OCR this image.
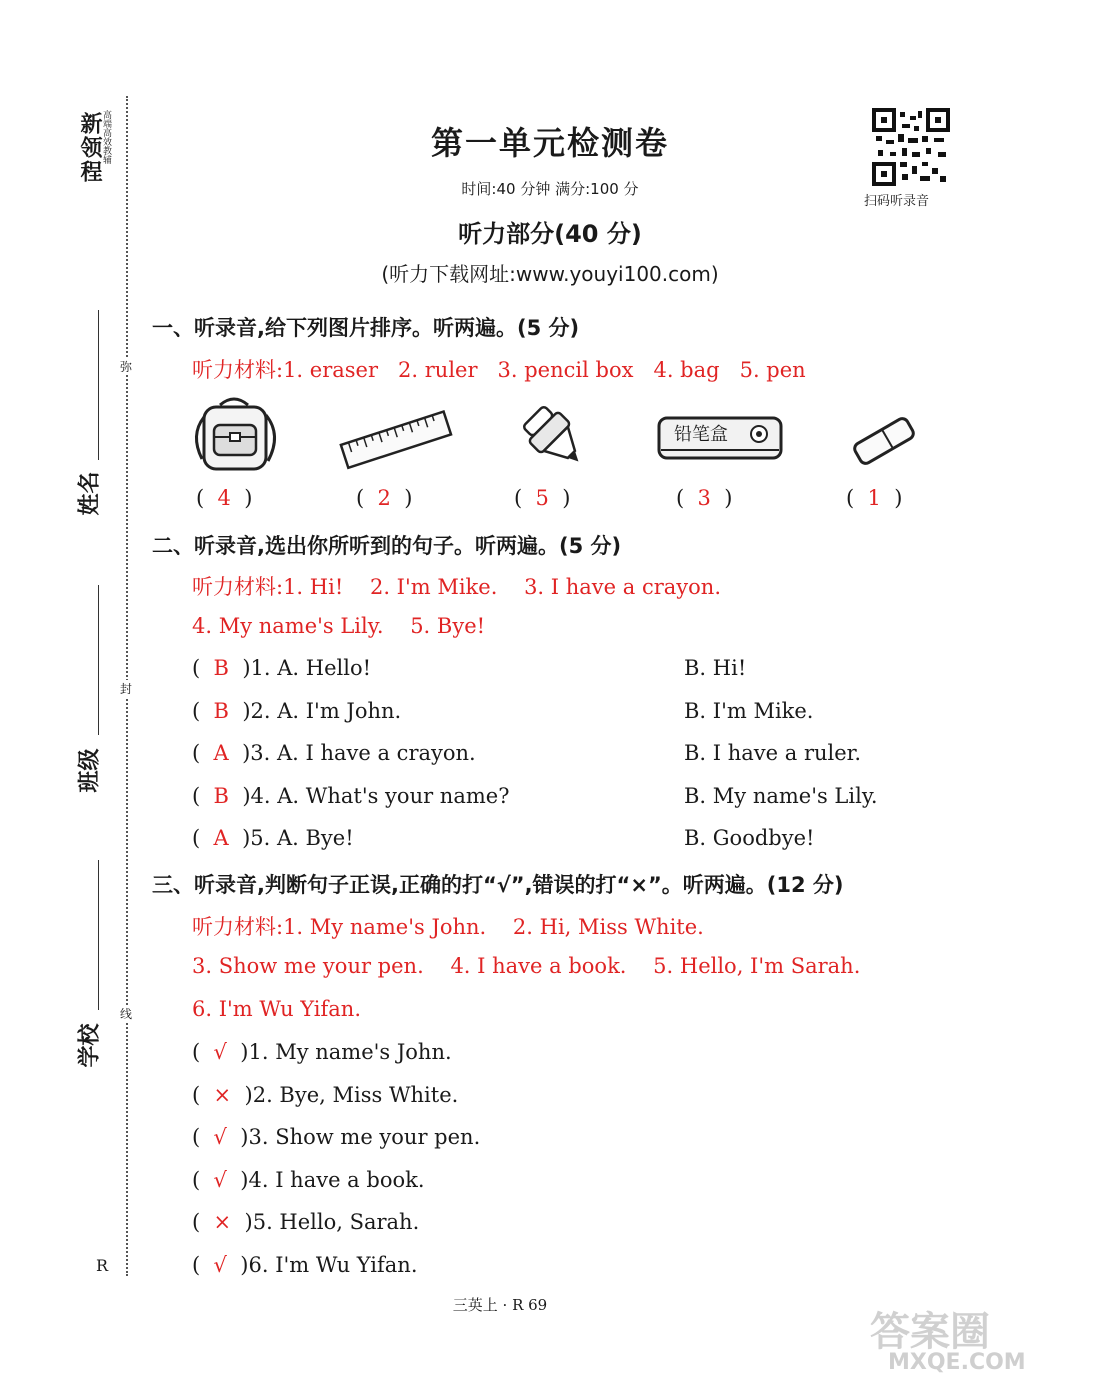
新领程 高端高效教辅
姓名
班级
学校
弥
封
线
R
第一单元检测卷
时间:40 分钟 满分:100 分
听力部分(40 分)
(听力下载网址:www.youyi100.com)
扫码听录音
一、听录音,给下列图片排序。听两遍。(5 分)
听力材料:1. eraser   2. ruler   3. pencil box   4. bag   5. pen
铅笔盒
(  4  )	(  2  )	(  5  )	(  3  )	(  1  )
二、听录音,选出你所听到的句子。听两遍。(5 分)
听力材料:1. Hi!    2. I'm Mike.    3. I have a crayon.
4. My name's Lily.    5. Bye!
(  B )1. A. Hello!	B. Hi!
(  B )2. A. I'm John.	B. I'm Mike.
(  A )3. A. I have a crayon.	B. I have a ruler.
(  B )4. A. What's your name?	B. My name's Lily.
(  A )5. A. Bye!	B. Goodbye!
三、听录音,判断句子正误,正确的打“√”,错误的打“×”。听两遍。(12 分)
听力材料:1. My name's John.    2. Hi, Miss White.
3. Show me your pen.    4. I have a book.    5. Hello, I'm Sarah.
6. I'm Wu Yifan.
(  √ )1. My name's John.
(  × )2. Bye, Miss White.
(  √ )3. Show me your pen.
(  √ )4. I have a book.
(  × )5. Hello, Sarah.
(  √ )6. I'm Wu Yifan.
三英上 · R 69
答案圈
MXQE.COM
